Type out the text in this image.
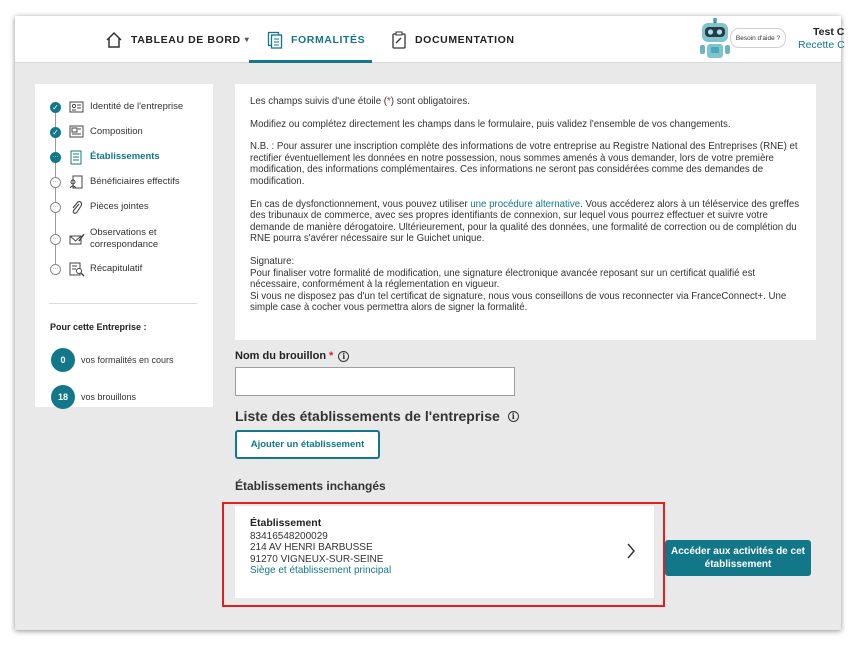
TABLEAU DE BORD ▾	FORMALITÉS	DOCUMENTATION	Besoin d'aide ?	Test C
Recette C
✓	Identité de l'entreprise
✓	Composition
···	Établissements
···	Bénéficiaires effectifs
···	Pièces jointes
···
Observations et correspondance
···	Récapitulatif
Pour cette Entreprise :
0	vos formalités en cours
18	vos brouillons

Les champs suivis d'une étoile (*) sont obligatoires.

Modifiez ou complétez directement les champs dans le formulaire, puis validez l'ensemble de vos changements.

N.B. : Pour assurer une inscription complète des informations de votre entreprise au Registre National des Entreprises (RNE) et rectifier éventuellement les données en notre possession, nous sommes amenés à vous demander, lors de votre première modification, des informations complémentaires. Ces informations ne seront pas considérées comme des demandes de modification.

En cas de dysfonctionnement, vous pouvez utiliser une procédure alternative. Vous accéderez alors à un téléservice des greffes des tribunaux de commerce, avec ses propres identifiants de connexion, sur lequel vous pourrez effectuer et suivre votre demande de manière dérogatoire. Ultérieurement, pour la qualité des données, une formalité de correction ou de complétion du RNE pourra s'avérer nécessaire sur le Guichet unique.

Signature:
Pour finaliser votre formalité de modification, une signature électronique avancée reposant sur un certificat qualifié est nécessaire, conformément à la réglementation en vigueur.
Si vous ne disposez pas d'un tel certificat de signature, nous vous conseillons de vous reconnecter via FranceConnect+. Une simple case à cocher vous permettra alors de signer la formalité.

Nom du brouillon *	i
Liste des établissements de l'entreprise	i
Ajouter un établissement
Établissements inchangés
Établissement
83416548200029
214 AV HENRI BARBUSSE
91270 VIGNEUX-SUR-SEINE
Siège et établissement principal
Accéder aux activités de cet établissement
